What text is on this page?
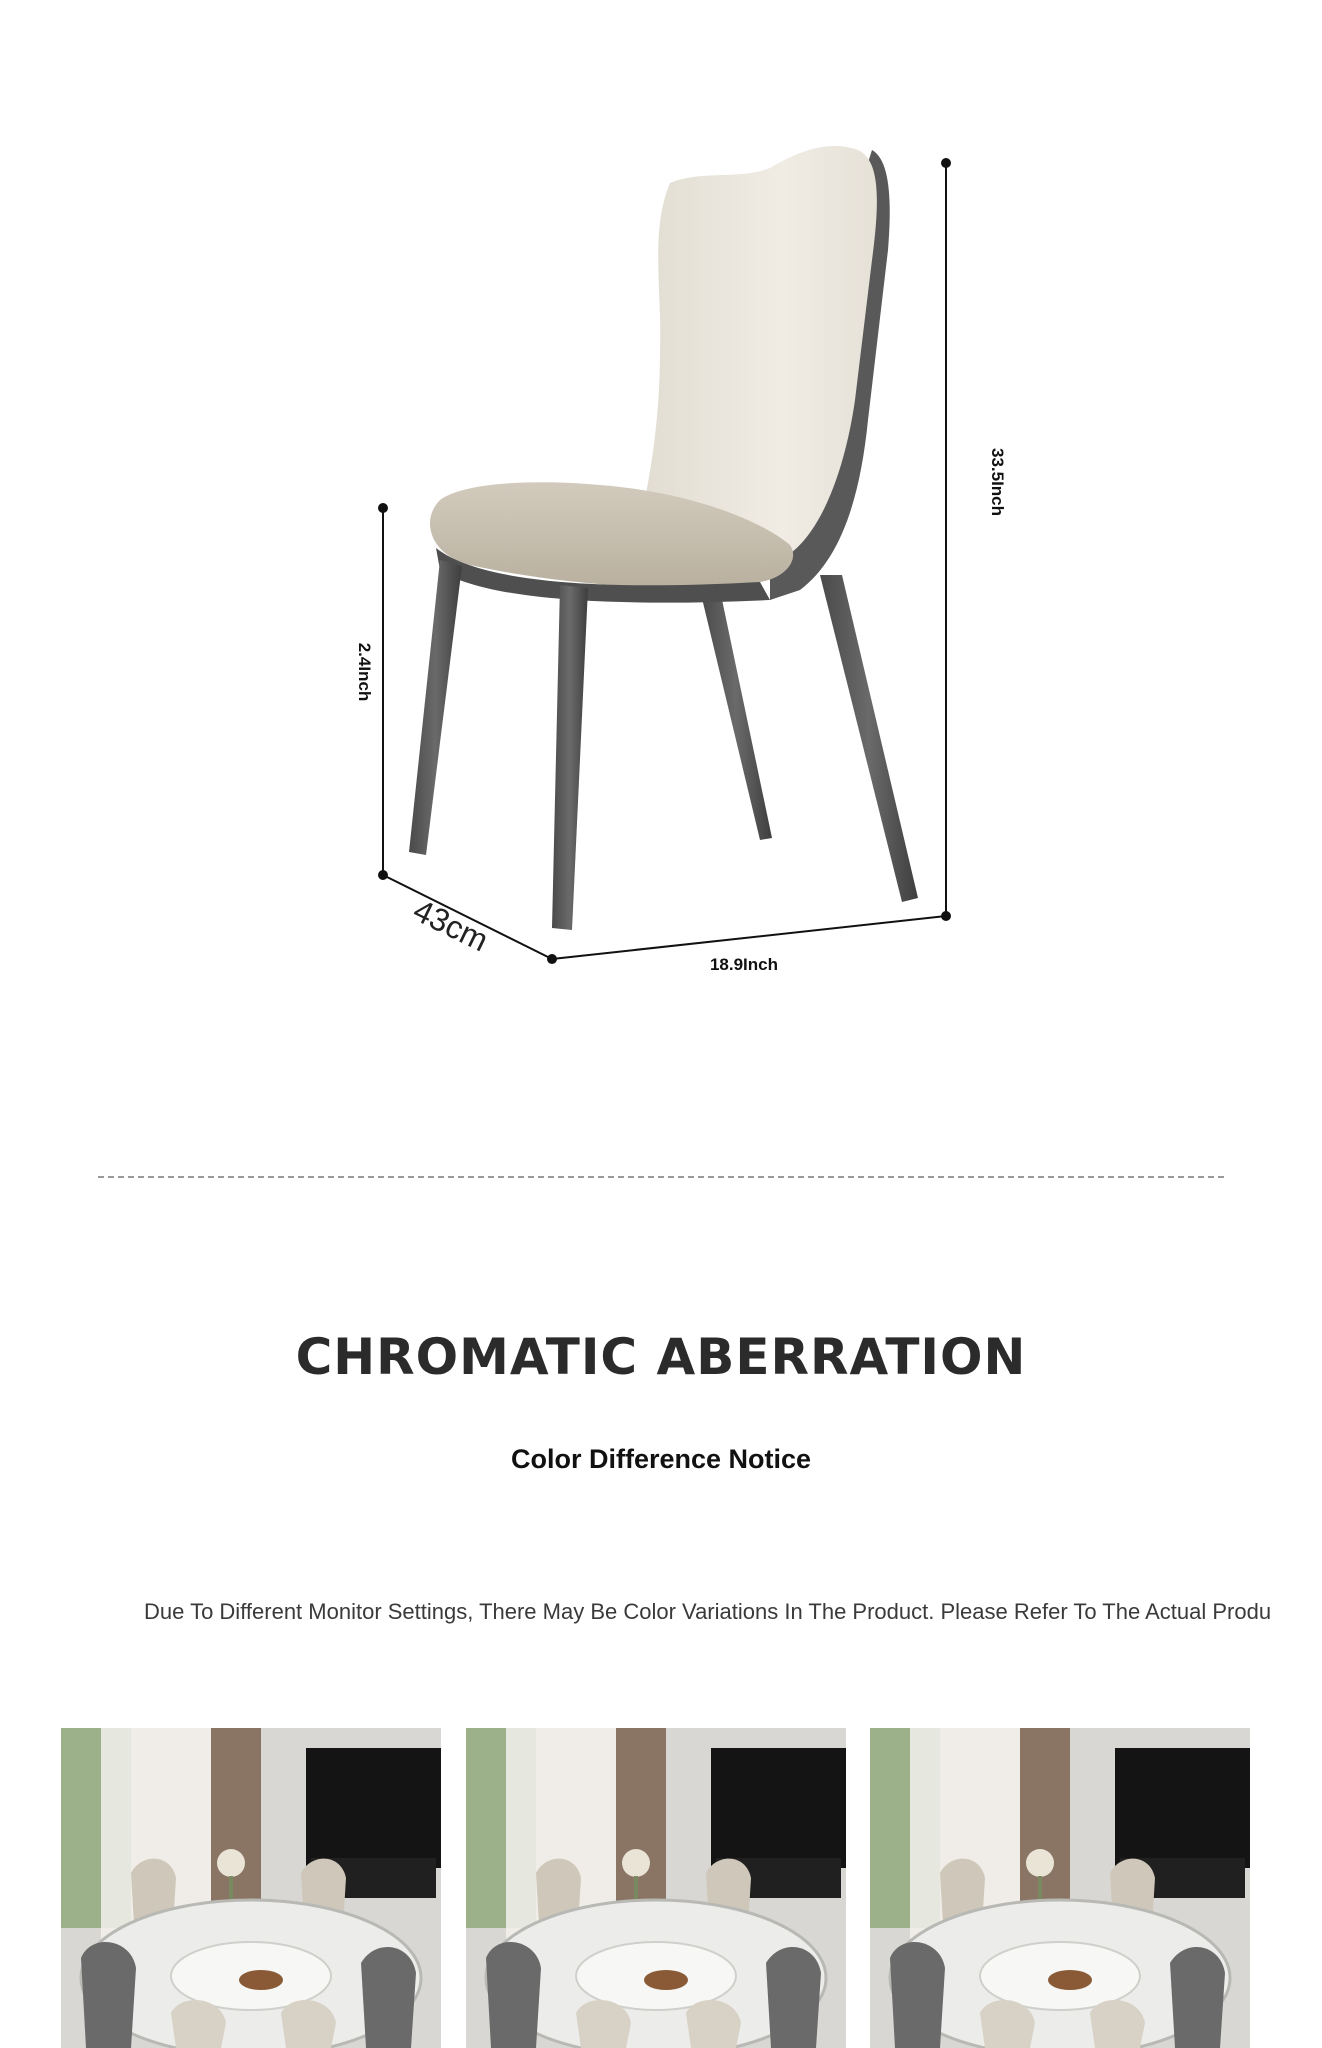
33.5Inch
2.4Inch
43cm
18.9Inch
CHROMATIC ABERRATION
Color Difference Notice
Due To Different Monitor Settings, There May Be Color Variations In The Product. Please Refer To The Actual Produ
